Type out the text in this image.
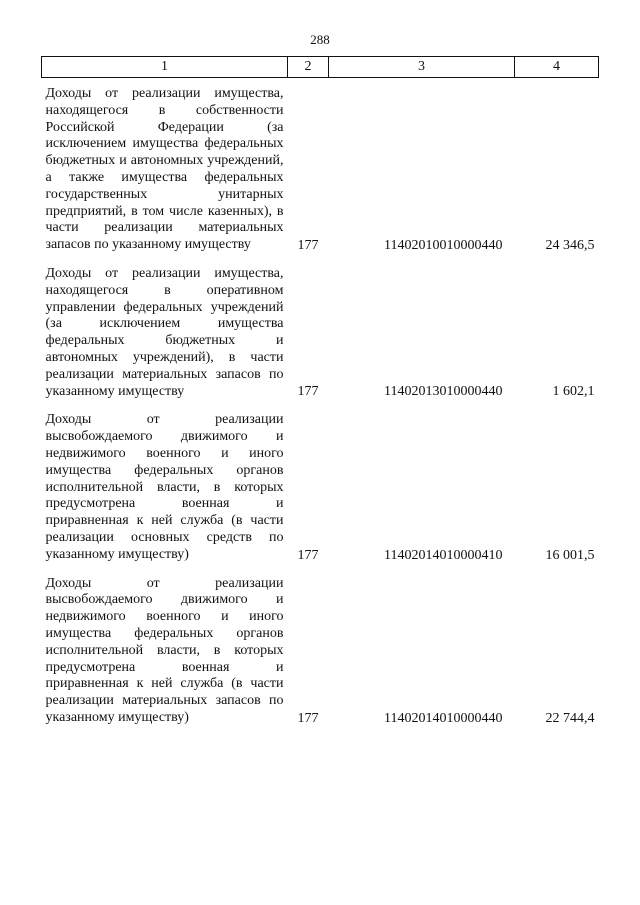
288
1	2	3	4
Доходы от реализации имущества, находящегося в собственности Российской Федерации (за исключением имущества федеральных бюджетных и автономных учреждений, а также имущества федеральных государственных унитарных предприятий, в том числе казенных), в части реализации материальных запасов по указанному имуществу	177	11402010010000440	24 346,5
Доходы от реализации имущества, находящегося в оперативном управлении федеральных учреждений (за исключением имущества федеральных бюджетных и автономных учреждений), в части реализации материальных запасов по указанному имуществу	177	11402013010000440	1 602,1
Доходы от реализации высвобождаемого движимого и недвижимого военного и иного имущества федеральных органов исполнительной власти, в которых предусмотрена военная и приравненная к ней служба (в части реализации основных средств по указанному имуществу)	177	11402014010000410	16 001,5
Доходы от реализации высвобождаемого движимого и недвижимого военного и иного имущества федеральных органов исполнительной власти, в которых предусмотрена военная и приравненная к ней служба (в части реализации материальных запасов по указанному имуществу)	177	11402014010000440	22 744,4
